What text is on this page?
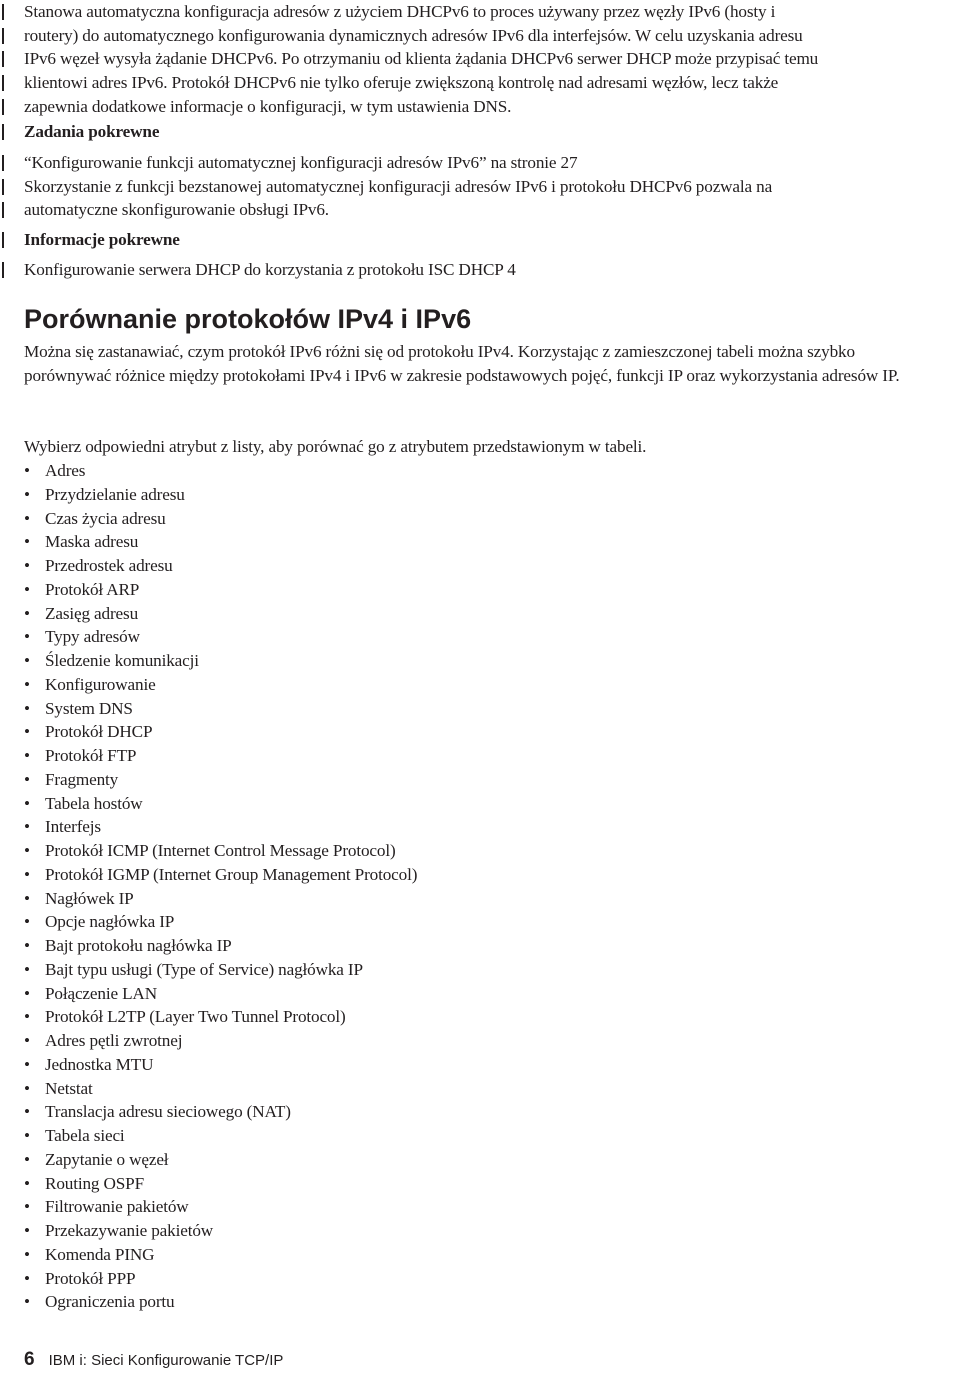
Stanowa automatyczna konfiguracja adresów z użyciem DHCPv6 to proces używany przez węzły IPv6 (hosty i
routery) do automatycznego konfigurowania dynamicznych adresów IPv6 dla interfejsów. W celu uzyskania adresu
IPv6 węzeł wysyła żądanie DHCPv6. Po otrzymaniu od klienta żądania DHCPv6 serwer DHCP może przypisać temu
klientowi adres IPv6. Protokół DHCPv6 nie tylko oferuje zwiększoną kontrolę nad adresami węzłów, lecz także
zapewnia dodatkowe informacje o konfiguracji, w tym ustawienia DNS.
Zadania pokrewne
“Konfigurowanie funkcji automatycznej konfiguracji adresów IPv6” na stronie 27
Skorzystanie z funkcji bezstanowej automatycznej konfiguracji adresów IPv6 i protokołu DHCPv6 pozwala na
automatyczne skonfigurowanie obsługi IPv6.
Informacje pokrewne
Konfigurowanie serwera DHCP do korzystania z protokołu ISC DHCP 4
Porównanie protokołów IPv4 i IPv6

Można się zastanawiać, czym protokół IPv6 różni się od protokołu IPv4. Korzystając z zamieszczonej tabeli można szybko porównywać różnice między protokołami IPv4 i IPv6 w zakresie podstawowych pojęć, funkcji IP oraz wykorzystania adresów IP.

Wybierz odpowiedni atrybut z listy, aby porównać go z atrybutem przedstawionym w tabeli.

• Adres
• Przydzielanie adresu
• Czas życia adresu
• Maska adresu
• Przedrostek adresu
• Protokół ARP
• Zasięg adresu
• Typy adresów
• Śledzenie komunikacji
• Konfigurowanie
• System DNS
• Protokół DHCP
• Protokół FTP
• Fragmenty
• Tabela hostów
• Interfejs
• Protokół ICMP (Internet Control Message Protocol)
• Protokół IGMP (Internet Group Management Protocol)
• Nagłówek IP
• Opcje nagłówka IP
• Bajt protokołu nagłówka IP
• Bajt typu usługi (Type of Service) nagłówka IP
• Połączenie LAN
• Protokół L2TP (Layer Two Tunnel Protocol)
• Adres pętli zwrotnej
• Jednostka MTU
• Netstat
• Translacja adresu sieciowego (NAT)
• Tabela sieci
• Zapytanie o węzeł
• Routing OSPF
• Filtrowanie pakietów
• Przekazywanie pakietów
• Komenda PING
• Protokół PPP
• Ograniczenia portu
6 IBM i: Sieci Konfigurowanie TCP/IP
